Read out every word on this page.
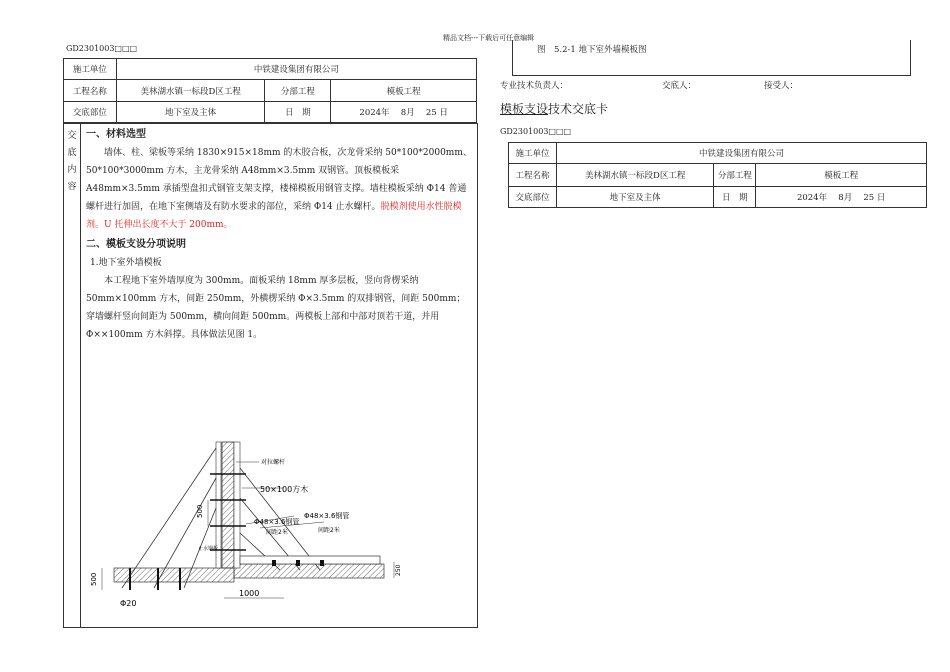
精品文档---下载后可任意编辑
GD2301003□□□
施工单位	中铁建设集团有限公司		
工程名称	美林湖水镇一标段D区工程	分部工程	模板工程
交底部位	地下室及主体	日　期	2024年　 8月　 25 日
交
底
内
容

一、材料选型

墙体、柱、梁板等采纳 1830×915×18mm 的木胶合板，次龙骨采纳 50*100*2000mm、50*100*3000mm 方木，主龙骨采纳 A48mm×3.5mm 双钢管。顶板模板采 A48mm×3.5mm 承插型盘扣式钢管支架支撑，楼梯模板用钢管支撑。墙柱模板采纳 Φ14 普通螺杆进行加固，在地下室侧墙及有防水要求的部位，采纳 Φ14 止水螺杆。脱模剂使用水性脱模剂。U 托伸出长度不大于 200mm。

二、模板支设分项说明

1.地下室外墙模板

本工程地下室外墙厚度为 300mm。面板采纳 18mm 厚多层板，竖向背楞采纳 50mm×100mm 方木，间距 250mm，外横楞采纳 Φ×3.5mm 的双排钢管，间距 500mm；穿墙螺杆竖向间距为 500mm，横向间距 500mm。两模板上部和中部对顶若干道，并用 Φ××100mm 方木斜撑。具体做法见图 1。

对拉螺杆
50×100方木
Φ48×3.6钢管
Φ48×3.6钢管
间距2米	间距2米
止水钢板
500
500
250
1000
Φ20
图　5.2-1 地下室外墙模板图
专业技术负责人：	交底人：	接受人：
模板支设技术交底卡
GD2301003□□□
施工单位	中铁建设集团有限公司		
工程名称	美林湖水镇一标段D区工程	分部工程	模板工程
交底部位	地下室及主体	日　期	2024年　 8月　 25 日
